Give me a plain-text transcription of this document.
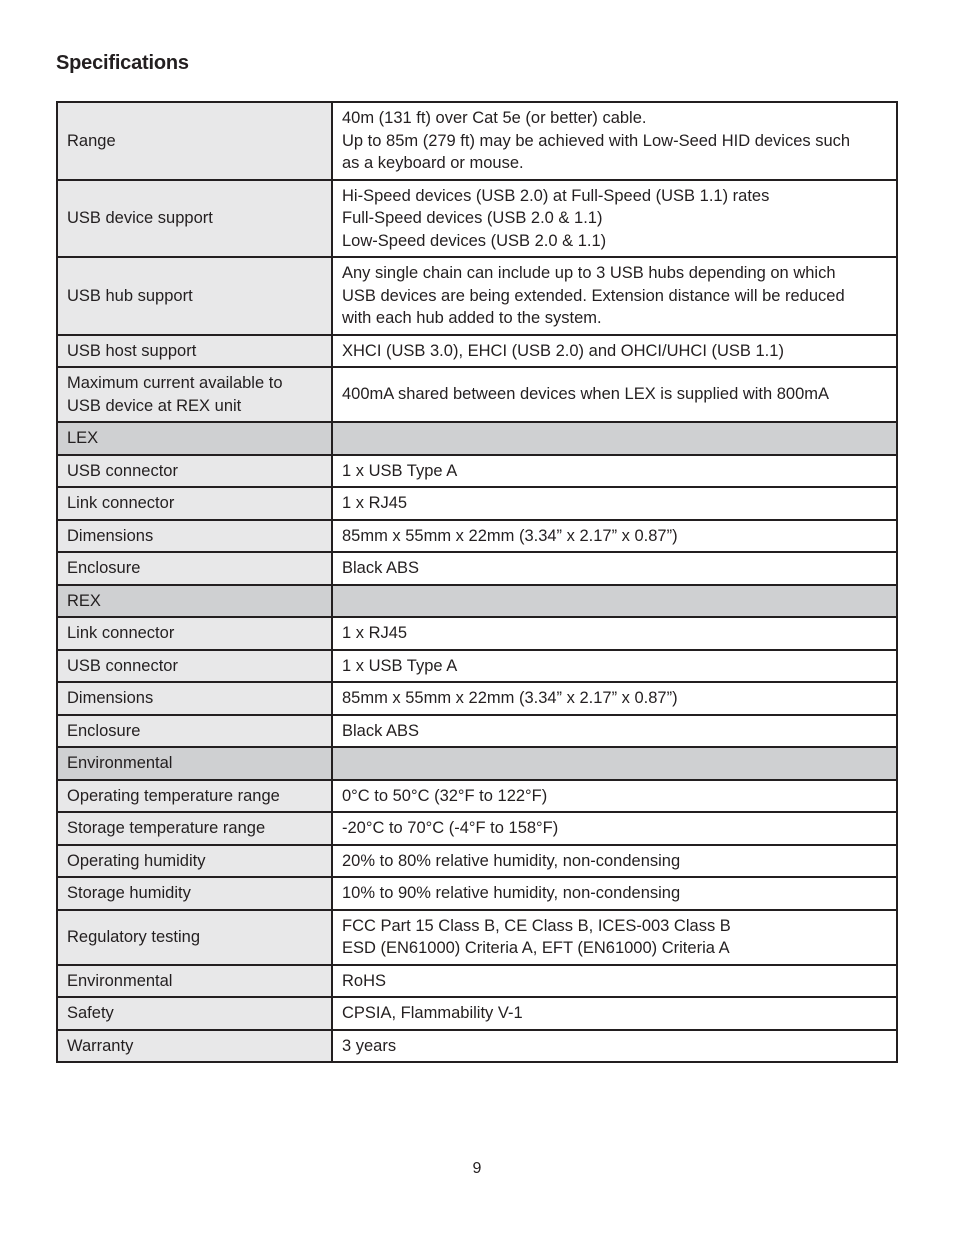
Specifications
Range	40m (131 ft) over Cat 5e (or better) cable.
Up to 85m (279 ft) may be achieved with Low-Seed HID devices such
as a keyboard or mouse.

USB device support	Hi-Speed devices (USB 2.0) at Full-Speed (USB 1.1) rates
Full-Speed devices (USB 2.0 & 1.1)
Low-Speed devices (USB 2.0 & 1.1)

USB hub support	Any single chain can include up to 3 USB hubs depending on which
USB devices are being extended. Extension distance will be reduced
with each hub added to the system.

USB host support	XHCI (USB 3.0), EHCI (USB 2.0) and OHCI/UHCI (USB 1.1)

Maximum current available to
USB device at REX unit	400mA shared between devices when LEX is supplied with 800mA

LEX	

USB connector	1 x USB Type A

Link connector	1 x RJ45

Dimensions	85mm x 55mm x 22mm (3.34” x 2.17” x 0.87”)

Enclosure	Black ABS

REX	

Link connector	1 x RJ45

USB connector	1 x USB Type A

Dimensions	85mm x 55mm x 22mm (3.34” x 2.17” x 0.87”)

Enclosure	Black ABS

Environmental	

Operating temperature range	0°C to 50°C (32°F to 122°F)

Storage temperature range	-20°C to 70°C (-4°F to 158°F)

Operating humidity	20% to 80% relative humidity, non-condensing

Storage humidity	10% to 90% relative humidity, non-condensing

Regulatory testing	FCC Part 15 Class B, CE Class B, ICES-003 Class B
ESD (EN61000) Criteria A, EFT (EN61000) Criteria A

Environmental	RoHS

Safety	CPSIA, Flammability V-1

Warranty	3 years
9
